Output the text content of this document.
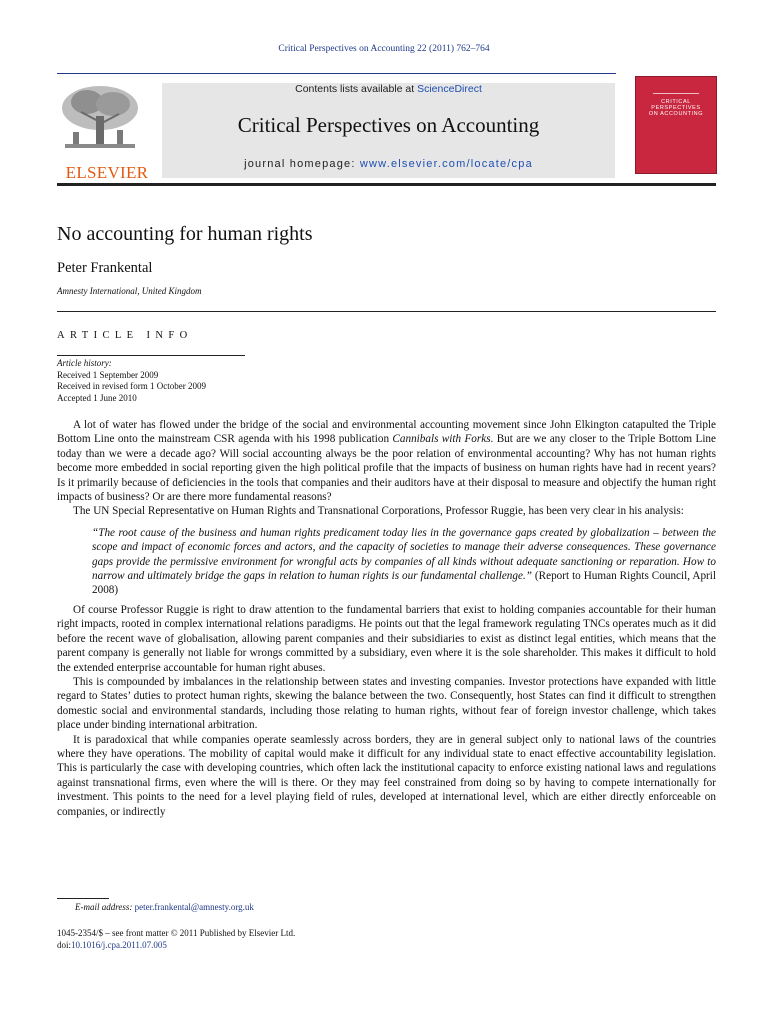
Critical Perspectives on Accounting 22 (2011) 762–764
ELSEVIER
Contents lists available at ScienceDirect
Critical Perspectives on Accounting
journal homepage: www.elsevier.com/locate/cpa
CRITICAL
PERSPECTIVES
ON ACCOUNTING
No accounting for human rights
Peter Frankental
Amnesty International, United Kingdom
ARTICLE INFO
Article history:
Received 1 September 2009
Received in revised form 1 October 2009
Accepted 1 June 2010

A lot of water has flowed under the bridge of the social and environmental accounting movement since John Elkington catapulted the Triple Bottom Line onto the mainstream CSR agenda with his 1998 publication Cannibals with Forks. But are we any closer to the Triple Bottom Line today than we were a decade ago? Will social accounting always be the poor relation of environmental accounting? Why has not human rights become more embedded in social reporting given the high political profile that the impacts of business on human rights have had in recent years? Is it primarily because of deficiencies in the tools that companies and their auditors have at their disposal to measure and objectify the human right impacts of business? Or are there more fundamental reasons?

The UN Special Representative on Human Rights and Transnational Corporations, Professor Ruggie, has been very clear in his analysis:

“The root cause of the business and human rights predicament today lies in the governance gaps created by globalization – between the scope and impact of economic forces and actors, and the capacity of societies to manage their adverse consequences. These governance gaps provide the permissive environment for wrongful acts by companies of all kinds without adequate sanctioning or reparation. How to narrow and ultimately bridge the gaps in relation to human rights is our fundamental challenge.” (Report to Human Rights Council, April 2008)

Of course Professor Ruggie is right to draw attention to the fundamental barriers that exist to holding companies accountable for their human right impacts, rooted in complex international relations paradigms. He points out that the legal framework regulating TNCs operates much as it did before the recent wave of globalisation, allowing parent companies and their subsidiaries to exist as distinct legal entities, which means that the parent company is generally not liable for wrongs committed by a subsidiary, even where it is the sole shareholder. This makes it difficult to hold the extended enterprise accountable for human right abuses.

This is compounded by imbalances in the relationship between states and investing companies. Investor protections have expanded with little regard to States’ duties to protect human rights, skewing the balance between the two. Consequently, host States can find it difficult to strengthen domestic social and environmental standards, including those relating to human rights, without fear of foreign investor challenge, which takes place under binding international arbitration.

It is paradoxical that while companies operate seamlessly across borders, they are in general subject only to national laws of the countries where they have operations. The mobility of capital would make it difficult for any individual state to enact effective accountability legislation. This is particularly the case with developing countries, which often lack the institutional capacity to enforce existing national laws and regulations against transnational firms, even where the will is there. Or they may feel constrained from doing so by having to compete internationally for investment. This points to the need for a level playing field of rules, developed at international level, which are either directly enforceable on companies, or indirectly

E-mail address: peter.frankental@amnesty.org.uk
1045-2354/$ – see front matter © 2011 Published by Elsevier Ltd.
doi:10.1016/j.cpa.2011.07.005
